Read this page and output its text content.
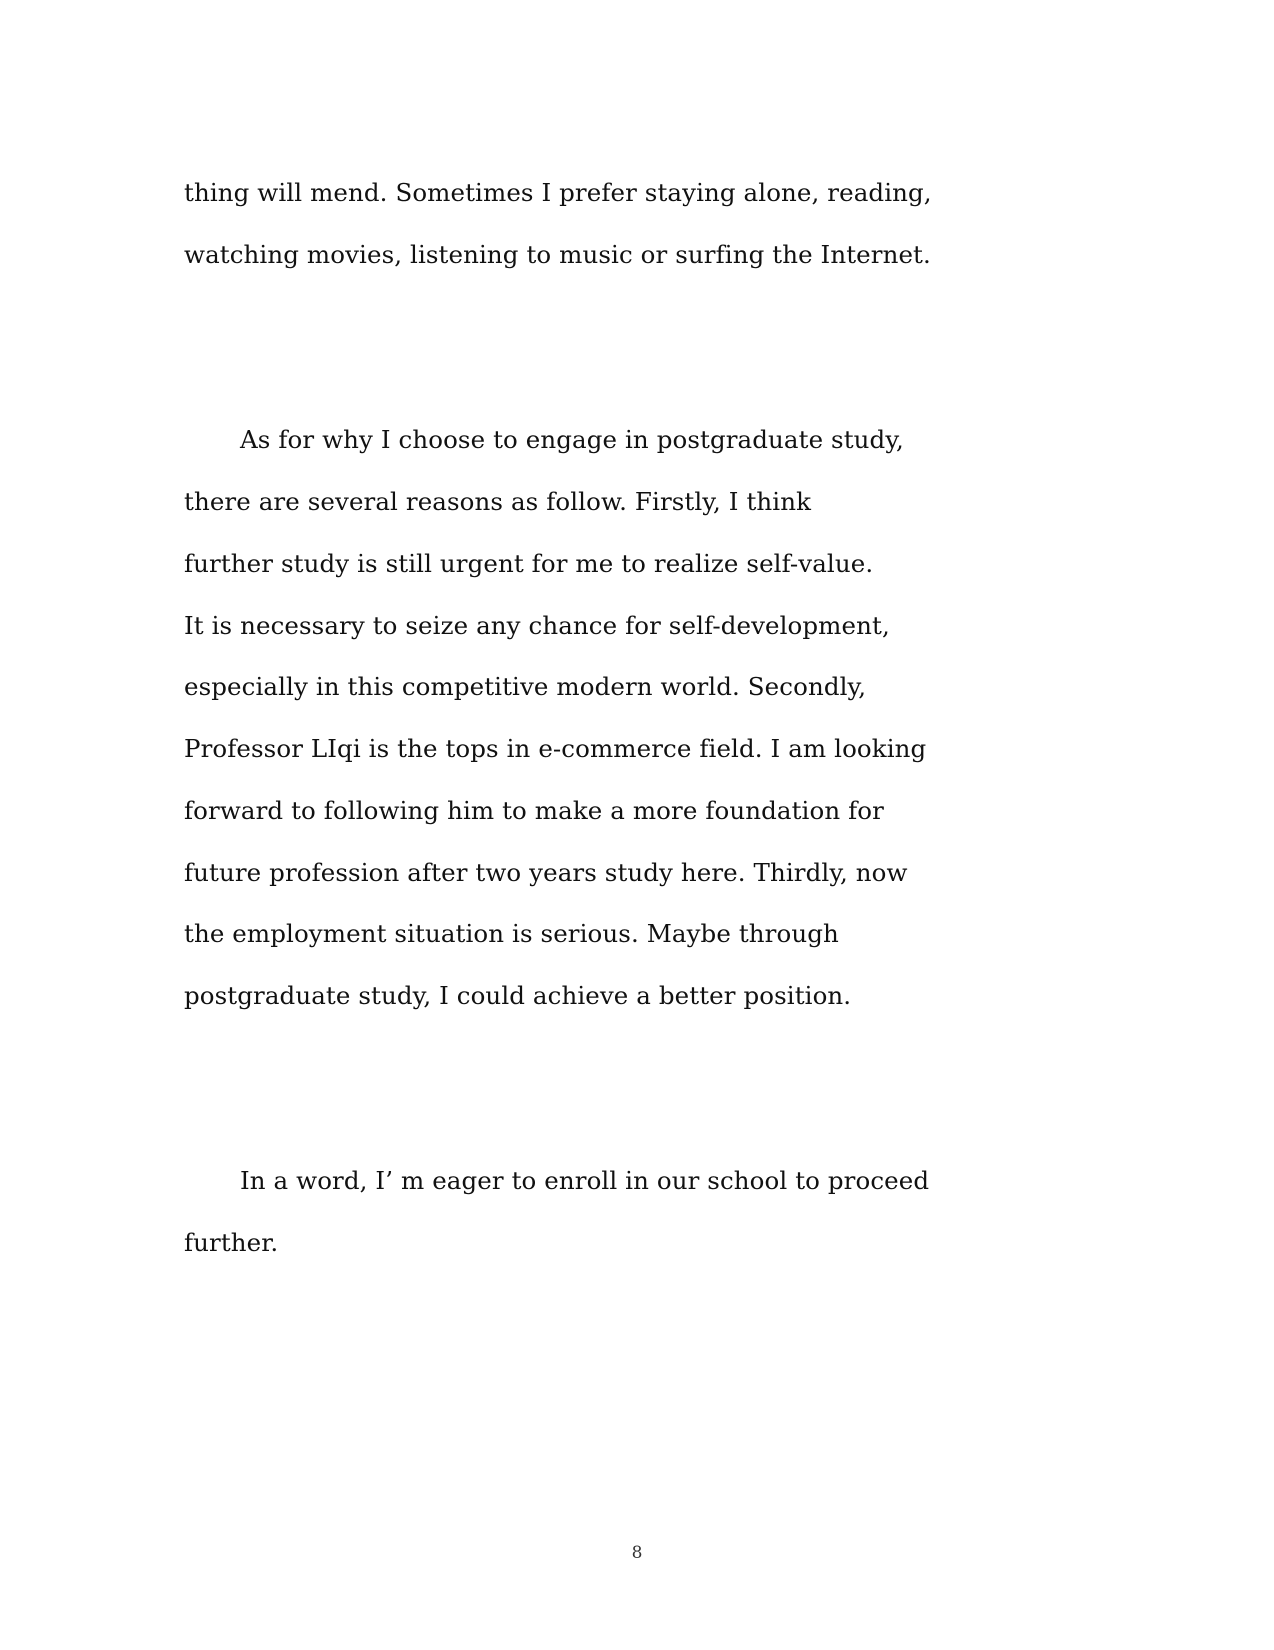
thing will mend. Sometimes I prefer staying alone, reading,
watching movies, listening to music or surfing the Internet.
As for why I choose to engage in postgraduate study,
there are several reasons as follow. Firstly, I think
further study is still urgent for me to realize self-value.
It is necessary to seize any chance for self-development,
especially in this competitive modern world. Secondly,
Professor LIqi is the tops in e-commerce field. I am looking
forward to following him to make a more foundation for
future profession after two years study here. Thirdly, now
the employment situation is serious. Maybe through
postgraduate study, I could achieve a better position.
In a word, I’ m eager to enroll in our school to proceed
further.
8
